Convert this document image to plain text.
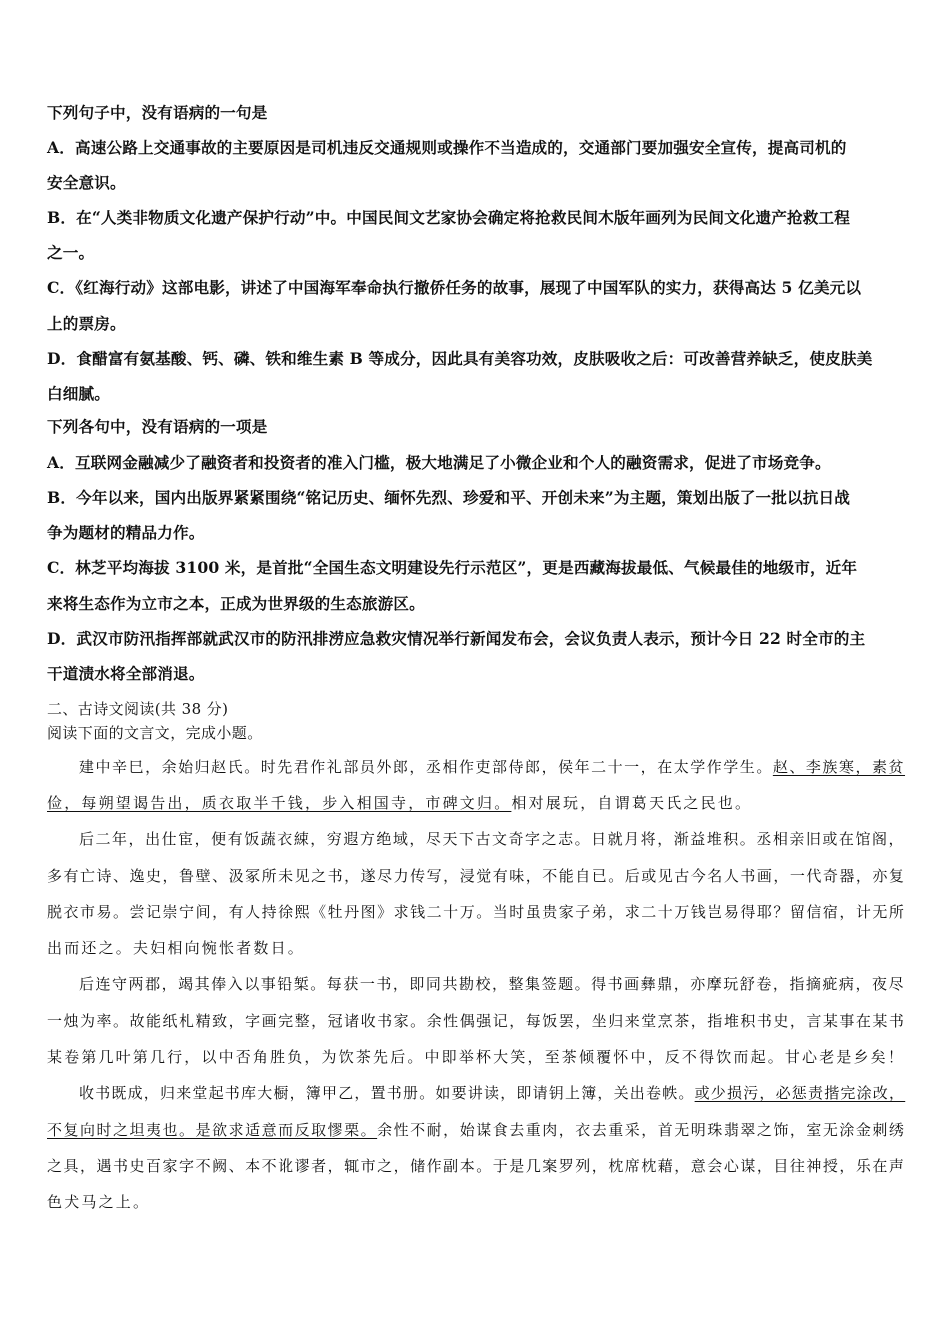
下列句子中，没有语病的一句是
A．高速公路上交通事故的主要原因是司机违反交通规则或操作不当造成的，交通部门要加强安全宣传，提高司机的
安全意识。
B．在“人类非物质文化遗产保护行动”中。中国民间文艺家协会确定将抢救民间木版年画列为民间文化遗产抢救工程
之一。
C．《红海行动》这部电影，讲述了中国海军奉命执行撤侨任务的故事，展现了中国军队的实力，获得高达 5 亿美元以
上的票房。
D．食醋富有氨基酸、钙、磷、铁和维生素 B 等成分，因此具有美容功效，皮肤吸收之后：可改善营养缺乏，使皮肤美
白细腻。
下列各句中，没有语病的一项是
A．互联网金融减少了融资者和投资者的准入门槛，极大地满足了小微企业和个人的融资需求，促进了市场竞争。
B．今年以来，国内出版界紧紧围绕“铭记历史、缅怀先烈、珍爱和平、开创未来”为主题，策划出版了一批以抗日战
争为题材的精品力作。
C．林芝平均海拔 3100 米，是首批“全国生态文明建设先行示范区”，更是西藏海拔最低、气候最佳的地级市，近年
来将生态作为立市之本，正成为世界级的生态旅游区。
D．武汉市防汛指挥部就武汉市的防汛排涝应急救灾情况举行新闻发布会，会议负责人表示，预计今日 22 时全市的主
干道渍水将全部消退。
二、古诗文阅读(共 38 分)
阅读下面的文言文，完成小题。
建中辛巳，余始归赵氏。时先君作礼部员外郎，丞相作吏部侍郎，侯年二十一，在太学作学生。赵、李族寒，素贫
俭，每朔望谒告出，质衣取半千钱，步入相国寺，市碑文归。相对展玩，自谓葛天氏之民也。
后二年，出仕宦，便有饭蔬衣綀，穷遐方绝域，尽天下古文奇字之志。日就月将，渐益堆积。丞相亲旧或在馆阁，
多有亡诗、逸史，鲁壁、汲冢所未见之书，遂尽力传写，浸觉有味，不能自已。后或见古今名人书画，一代奇器，亦复
脱衣市易。尝记崇宁间，有人持徐熙《牡丹图》求钱二十万。当时虽贵家子弟，求二十万钱岂易得耶？留信宿，计无所
出而还之。夫妇相向惋怅者数日。
后连守两郡，竭其俸入以事铅椠。每获一书，即同共勘校，整集签题。得书画彝鼎，亦摩玩舒卷，指摘疵病，夜尽
一烛为率。故能纸札精致，字画完整，冠诸收书家。余性偶强记，每饭罢，坐归来堂烹茶，指堆积书史，言某事在某书
某卷第几叶第几行，以中否角胜负，为饮茶先后。中即举杯大笑，至茶倾覆怀中，反不得饮而起。甘心老是乡矣！
收书既成，归来堂起书库大橱，簿甲乙，置书册。如要讲读，即请钥上簿，关出卷帙。或少损污，必惩责揩完涂改，
不复向时之坦夷也。是欲求适意而反取憀栗。余性不耐，始谋食去重肉，衣去重采，首无明珠翡翠之饰，室无涂金刺绣
之具，遇书史百家字不阙、本不讹谬者，辄市之，储作副本。于是几案罗列，枕席枕藉，意会心谋，目往神授，乐在声
色犬马之上。
